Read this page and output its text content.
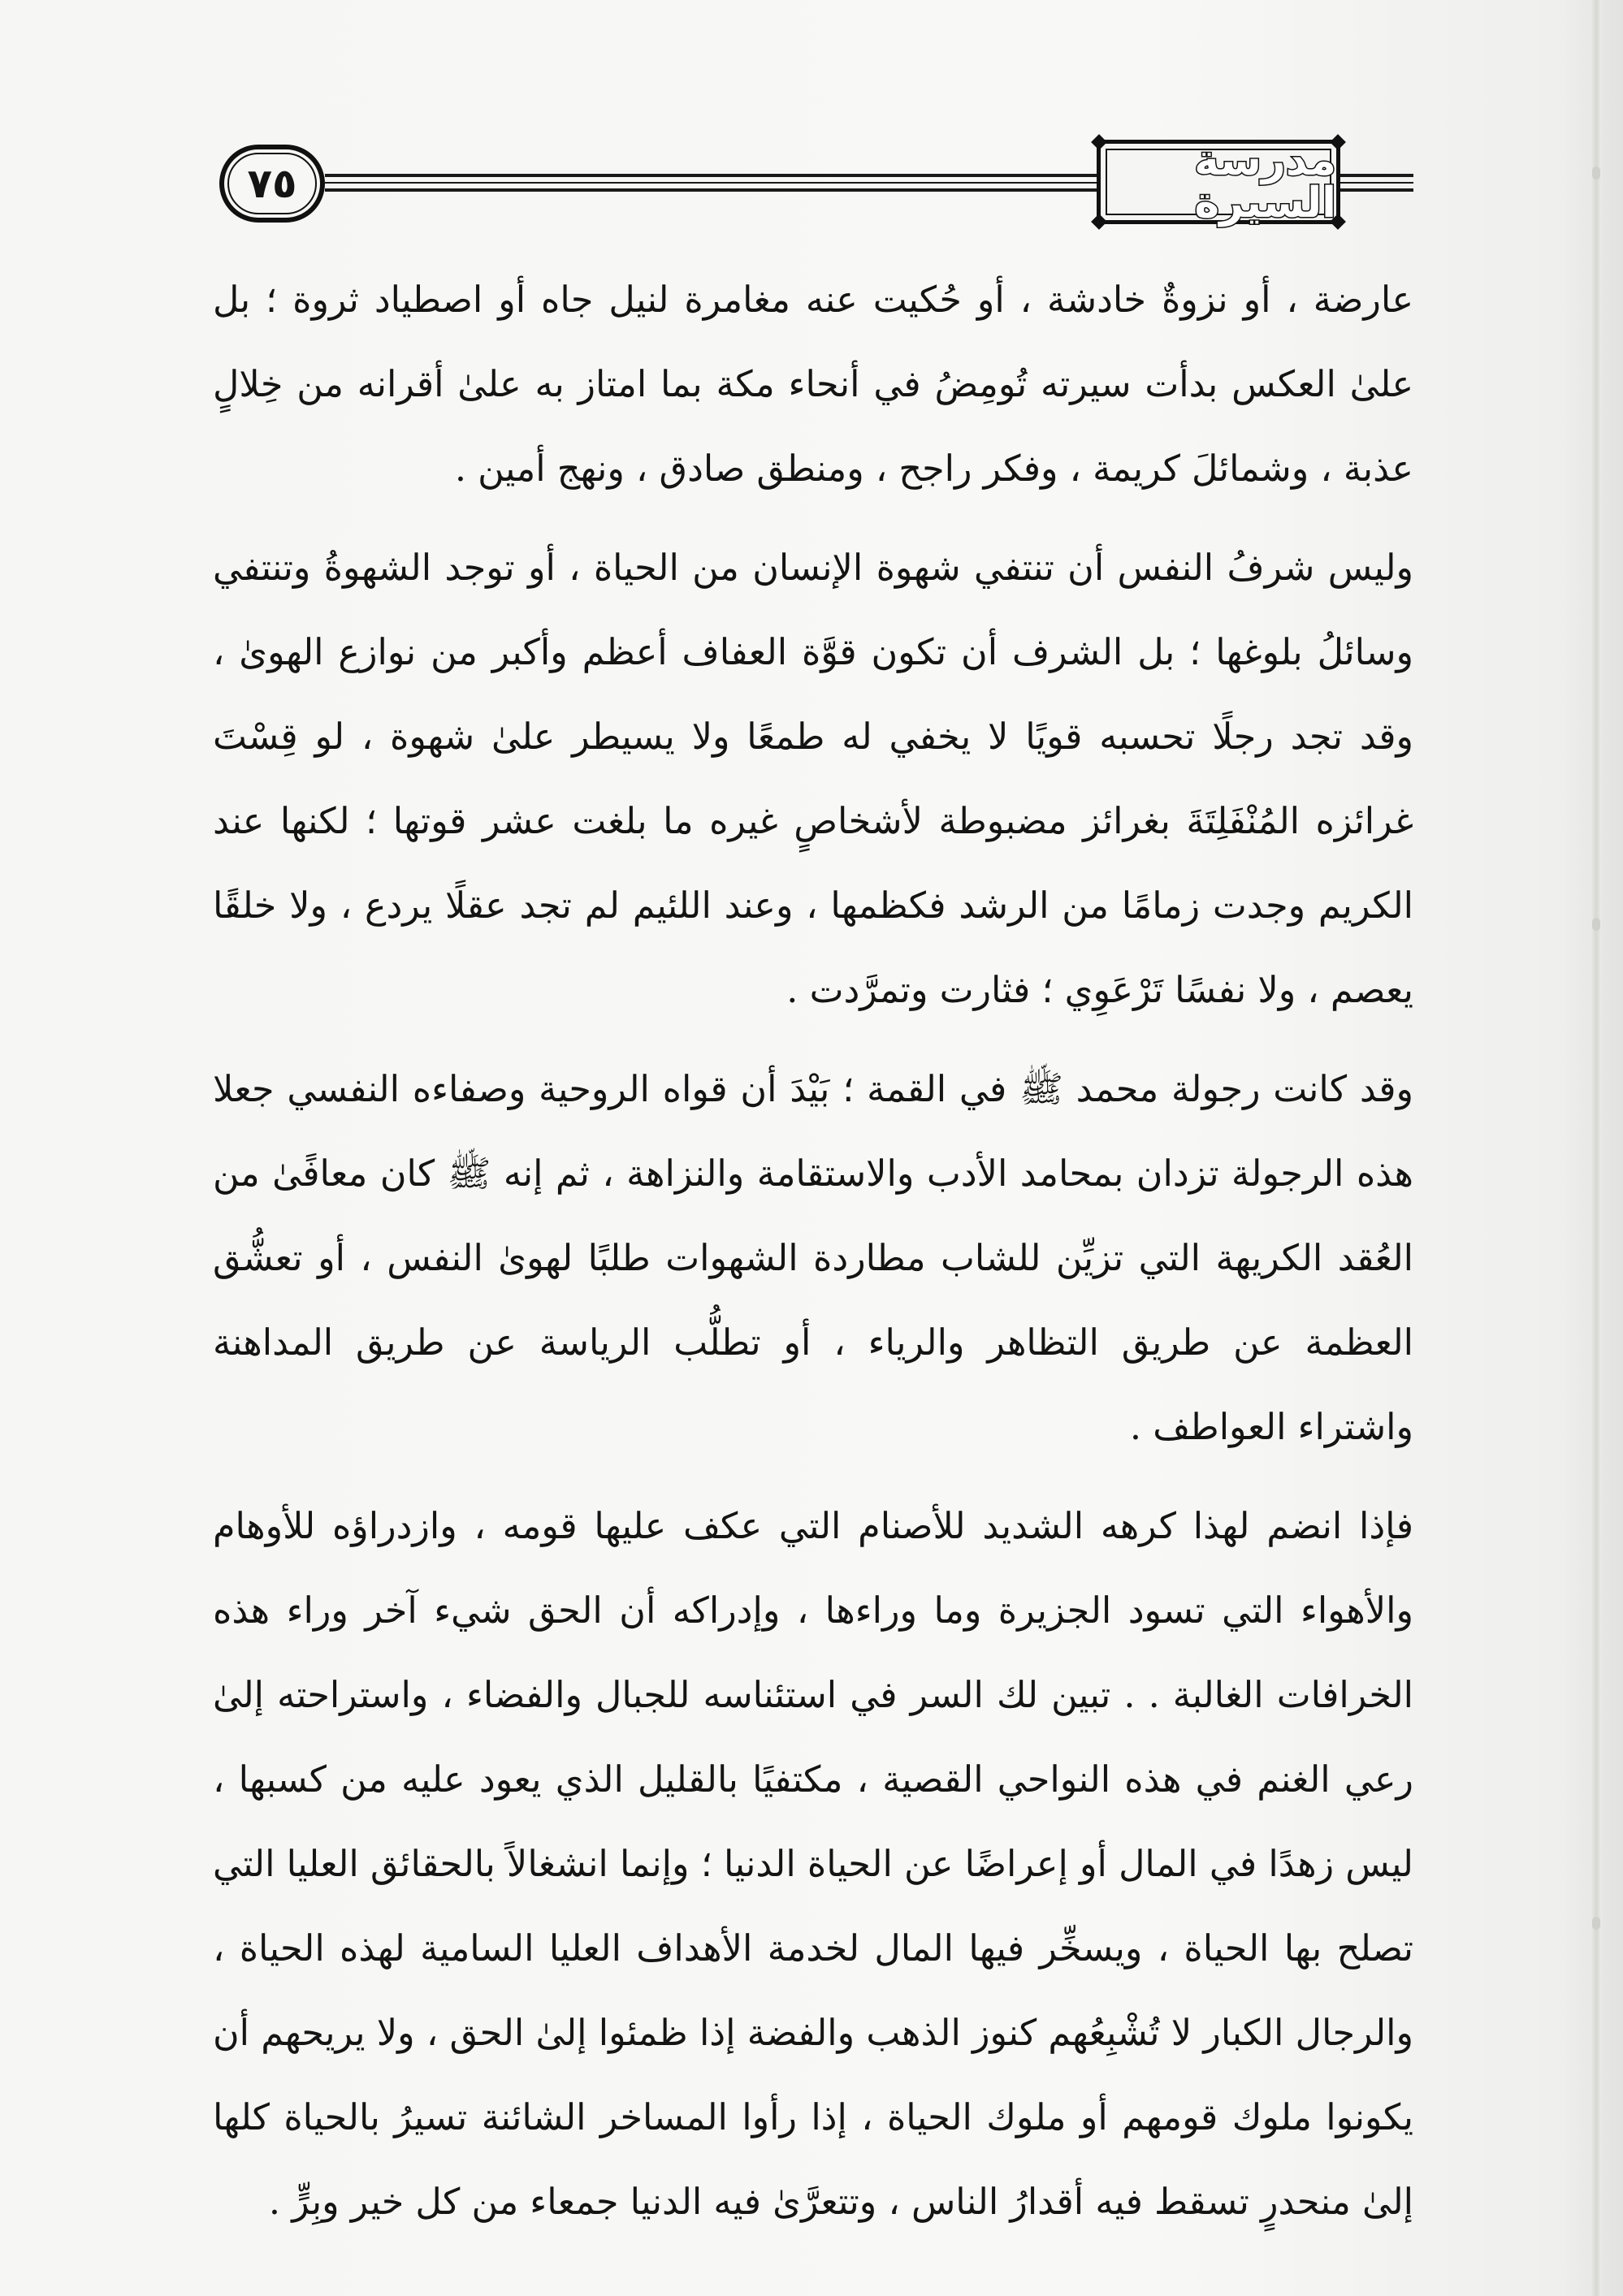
٧٥	مدرسة السيرة

عارضة ، أو نزوةٌ خادشة ، أو حُكيت عنه مغامرة لنيل جاه أو اصطياد ثروة ؛ بل علىٰ العكس بدأت سيرته تُومِضُ في أنحاء مكة بما امتاز به علىٰ أقرانه من خِلالٍ عذبة ، وشمائلَ كريمة ، وفكر راجح ، ومنطق صادق ، ونهج أمين .

وليس شرفُ النفس أن تنتفي شهوة الإنسان من الحياة ، أو توجد الشهوةُ وتنتفي وسائلُ بلوغها ؛ بل الشرف أن تكون قوَّة العفاف أعظم وأكبر من نوازع الهوىٰ ، وقد تجد رجلًا تحسبه قويًا لا يخفي له طمعًا ولا يسيطر علىٰ شهوة ، لو قِسْتَ غرائزه المُنْفَلِتَةَ بغرائز مضبوطة لأشخاصٍ غيره ما بلغت عشر قوتها ؛ لكنها عند الكريم وجدت زمامًا من الرشد فكظمها ، وعند اللئيم لم تجد عقلًا يردع ، ولا خلقًا يعصم ، ولا نفسًا تَرْعَوِي ؛ فثارت وتمرَّدت .

وقد كانت رجولة محمد ﷺ في القمة ؛ بَيْدَ أن قواه الروحية وصفاءه النفسي جعلا هذه الرجولة تزدان بمحامد الأدب والاستقامة والنزاهة ، ثم إنه ﷺ كان معافًىٰ من العُقد الكريهة التي تزيِّن للشاب مطاردة الشهوات طلبًا لهوىٰ النفس ، أو تعشُّق العظمة عن طريق التظاهر والرياء ، أو تطلُّب الرياسة عن طريق المداهنة واشتراء العواطف .

فإذا انضم لهذا كرهه الشديد للأصنام التي عكف عليها قومه ، وازدراؤه للأوهام والأهواء التي تسود الجزيرة وما وراءها ، وإدراكه أن الحق شيء آخر وراء هذه الخرافات الغالبة . . تبين لك السر في استئناسه للجبال والفضاء ، واستراحته إلىٰ رعي الغنم في هذه النواحي القصية ، مكتفيًا بالقليل الذي يعود عليه من كسبها ، ليس زهدًا في المال أو إعراضًا عن الحياة الدنيا ؛ وإنما انشغالاً بالحقائق العليا التي تصلح بها الحياة ، ويسخِّر فيها المال لخدمة الأهداف العليا السامية لهذه الحياة ، والرجال الكبار لا تُشْبِعُهم كنوز الذهب والفضة إذا ظمئوا إلىٰ الحق ، ولا يريحهم أن يكونوا ملوك قومهم أو ملوك الحياة ، إذا رأوا المساخر الشائنة تسيرُ بالحياة كلها إلىٰ منحدرٍ تسقط فيه أقدارُ الناس ، وتتعرَّىٰ فيه الدنيا جمعاء من كل خير وبِرٍّ .
